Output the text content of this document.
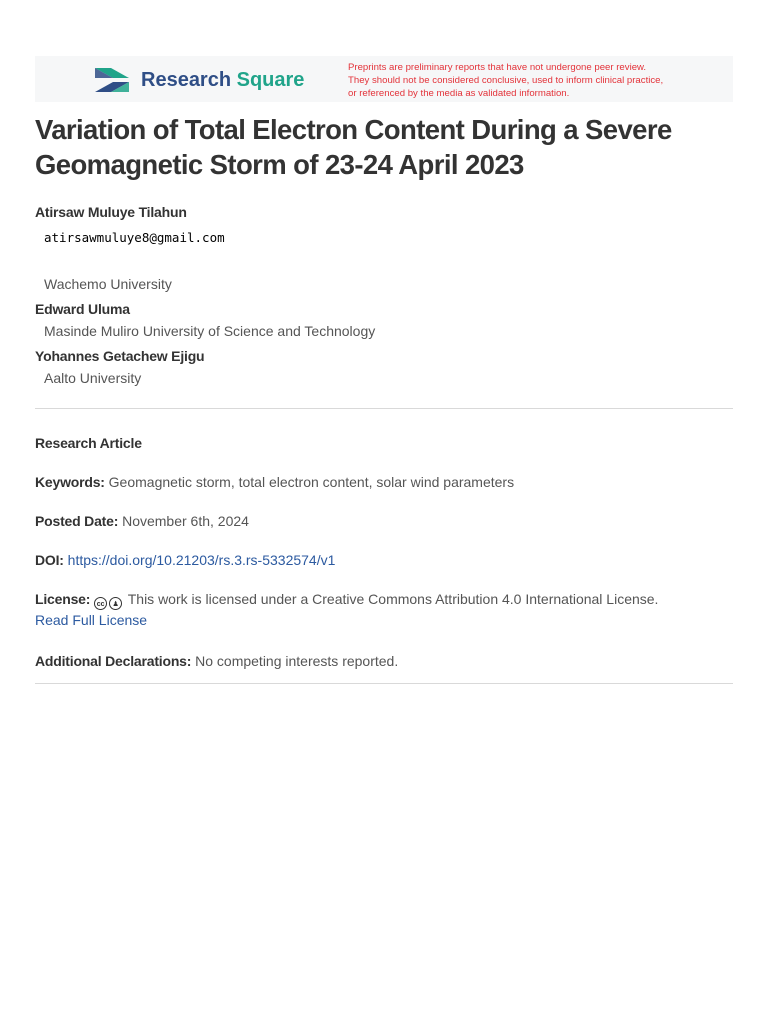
Research Square
Preprints are preliminary reports that have not undergone peer review.
They should not be considered conclusive, used to inform clinical practice,
or referenced by the media as validated information.
Variation of Total Electron Content During a Severe
Geomagnetic Storm of 23-24 April 2023
Atirsaw Muluye Tilahun
atirsawmuluye8@gmail.com
Wachemo University
Edward Uluma
Masinde Muliro University of Science and Technology
Yohannes Getachew Ejigu
Aalto University
Research Article
Keywords: Geomagnetic storm, total electron content, solar wind parameters
Posted Date: November 6th, 2024
DOI: https://doi.org/10.21203/rs.3.rs-5332574/v1
License: cc ♟ This work is licensed under a Creative Commons Attribution 4.0 International License.
Read Full License
Additional Declarations: No competing interests reported.
